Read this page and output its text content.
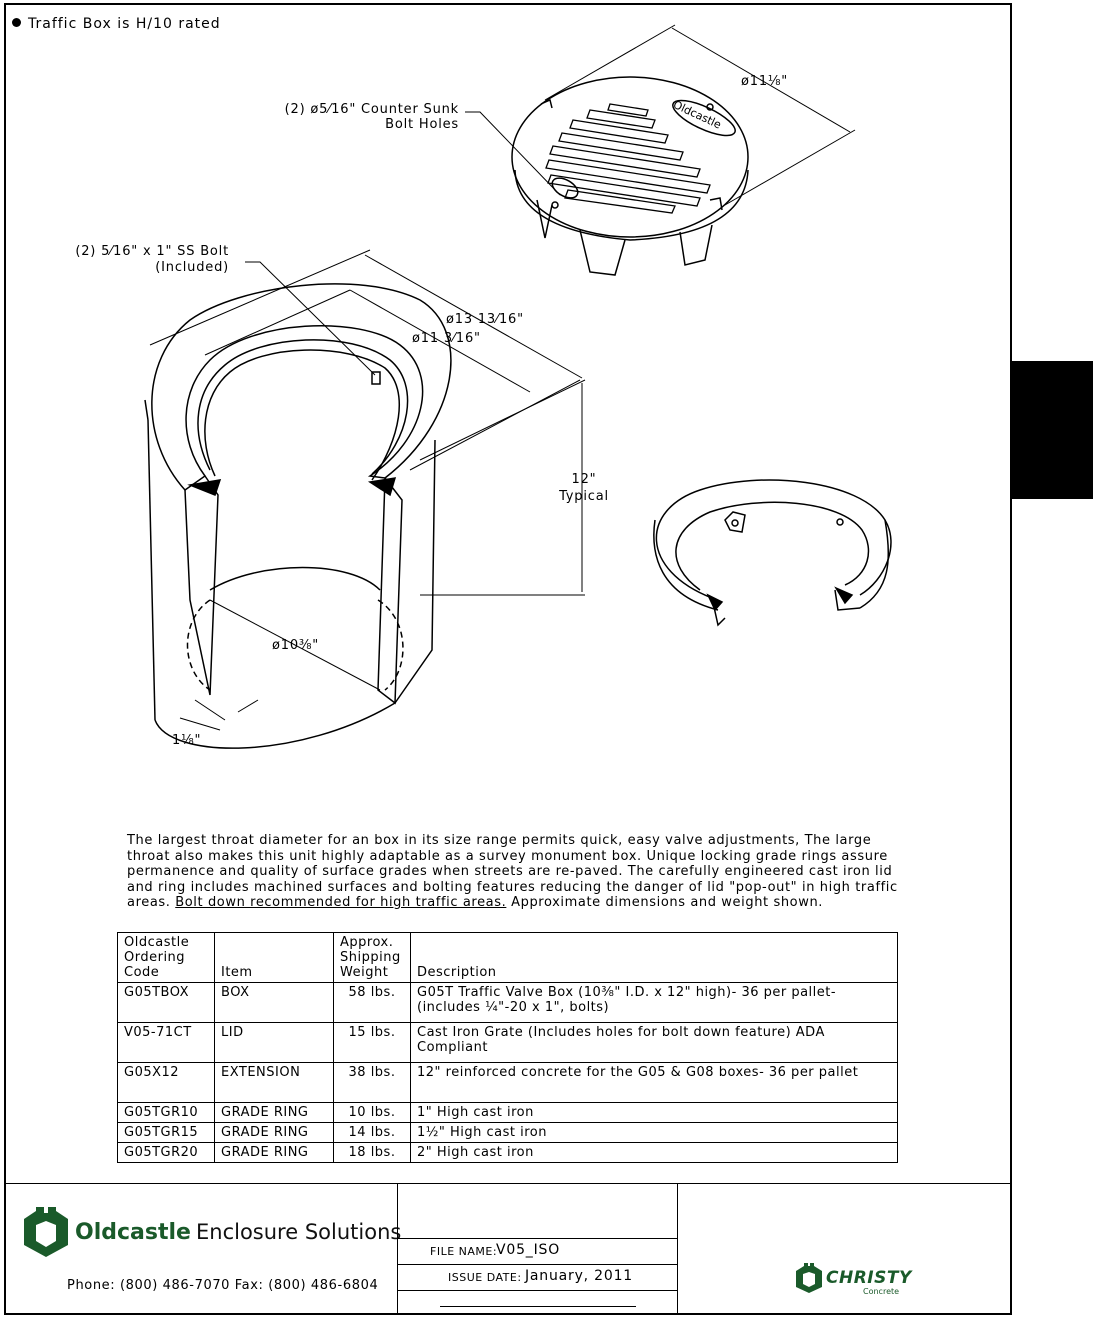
Traffic Box is H/10 rated
Oldcastle
ø11⅛"
(2) ø5⁄16" Counter Sunk
Bolt Holes
(2) 5⁄16" x 1" SS Bolt
(Included)
ø13 13⁄16"
ø11 3⁄16"
12"
Typical
ø10⅜"
1⅛"
The largest throat diameter for an box in its size range permits quick, easy valve adjustments, The large throat also makes this unit highly adaptable as a survey monument box. Unique locking grade rings assure permanence and quality of surface grades when streets are re-paved. The carefully engineered cast iron lid and ring includes machined surfaces and bolting features reducing the danger of lid "pop-out" in high traffic areas. Bolt down recommended for high traffic areas. Approximate dimensions and weight shown.
Oldcastle Ordering Code	Item	Approx. Shipping Weight	Description
G05TBOX	BOX	58 lbs.	G05T Traffic Valve Box (10⅜" I.D. x 12" high)- 36 per pallet- (includes ¼"-20 x 1", bolts)
V05-71CT	LID	15 lbs.	Cast Iron Grate (Includes holes for bolt down feature) ADA Compliant
G05X12	EXTENSION	38 lbs.	12" reinforced concrete for the G05 & G08 boxes- 36 per pallet
G05TGR10	GRADE RING	10 lbs.	1" High cast iron
G05TGR15	GRADE RING	14 lbs.	1½" High cast iron
G05TGR20	GRADE RING	18 lbs.	2" High cast iron
Oldcastle Enclosure Solutions
Phone: (800) 486-7070 Fax: (800) 486-6804
FILE NAME:
V05_ISO
ISSUE DATE: January, 2011	CHRISTY
Concrete
